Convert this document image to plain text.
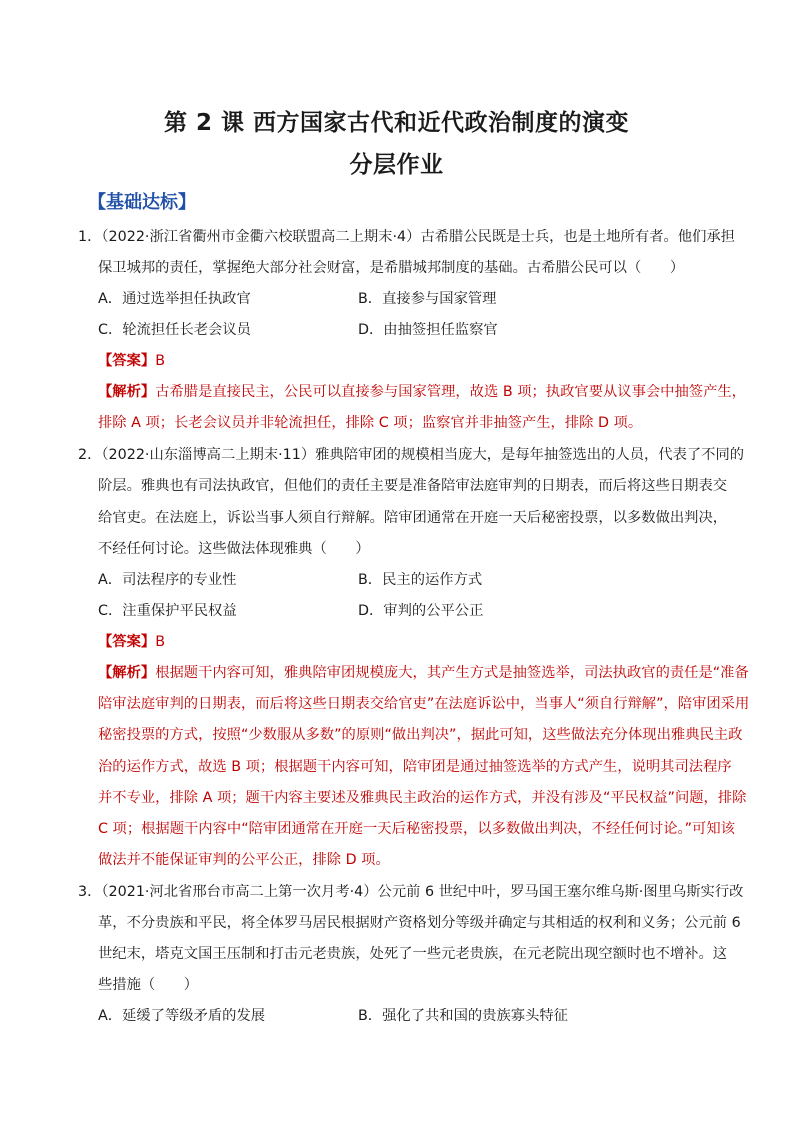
第 2 课 西方国家古代和近代政治制度的演变
分层作业
【基础达标】
1．（2022·浙江省衢州市金衢六校联盟高二上期末·4）古希腊公民既是士兵，也是土地所有者。他们承担
保卫城邦的责任，掌握绝大部分社会财富，是希腊城邦制度的基础。古希腊公民可以（　　）
A．通过选举担任执政官	B．直接参与国家管理
C．轮流担任长老会议员	D．由抽签担任监察官
【答案】B
【解析】古希腊是直接民主，公民可以直接参与国家管理，故选 B 项；执政官要从议事会中抽签产生，
排除 A 项；长老会议员并非轮流担任，排除 C 项；监察官并非抽签产生，排除 D 项。
2．（2022·山东淄博高二上期末·11）雅典陪审团的规模相当庞大，是每年抽签选出的人员，代表了不同的
阶层。雅典也有司法执政官，但他们的责任主要是准备陪审法庭审判的日期表，而后将这些日期表交
给官吏。在法庭上，诉讼当事人须自行辩解。陪审团通常在开庭一天后秘密投票，以多数做出判决，
不经任何讨论。这些做法体现雅典（　　）
A．司法程序的专业性	B．民主的运作方式
C．注重保护平民权益	D．审判的公平公正
【答案】B
【解析】根据题干内容可知，雅典陪审团规模庞大，其产生方式是抽签选举，司法执政官的责任是“准备
陪审法庭审判的日期表，而后将这些日期表交给官吏”在法庭诉讼中，当事人“须自行辩解”，陪审团采用
秘密投票的方式，按照“少数服从多数”的原则“做出判决”，据此可知，这些做法充分体现出雅典民主政
治的运作方式，故选 B 项；根据题干内容可知，陪审团是通过抽签选举的方式产生，说明其司法程序
并不专业，排除 A 项；题干内容主要述及雅典民主政治的运作方式，并没有涉及“平民权益”问题，排除
C 项；根据题干内容中“陪审团通常在开庭一天后秘密投票，以多数做出判决，不经任何讨论。”可知该
做法并不能保证审判的公平公正，排除 D 项。
3．（2021·河北省邢台市高二上第一次月考·4）公元前 6 世纪中叶，罗马国王塞尔维乌斯·图里乌斯实行改
革，不分贵族和平民，将全体罗马居民根据财产资格划分等级并确定与其相适的权利和义务；公元前 6
世纪末，塔克文国王压制和打击元老贵族，处死了一些元老贵族，在元老院出现空额时也不增补。这
些措施（　　）
A．延缓了等级矛盾的发展	B．强化了共和国的贵族寡头特征
